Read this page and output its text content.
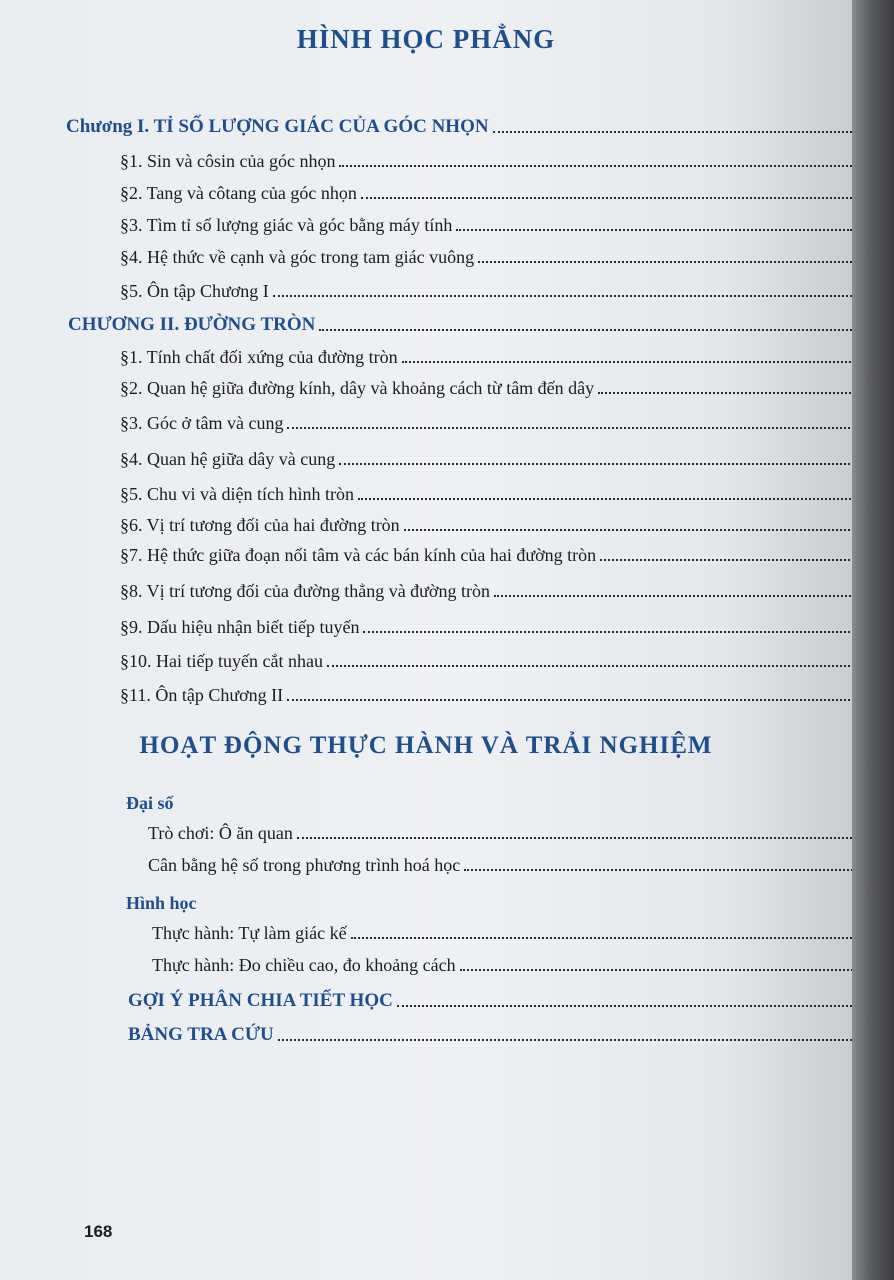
HÌNH HỌC PHẲNG
Chương I. TỈ SỐ LƯỢNG GIÁC CỦA GÓC NHỌN
§1. Sin và côsin của góc nhọn
§2. Tang và côtang của góc nhọn
§3. Tìm tỉ số lượng giác và góc bằng máy tính
§4. Hệ thức về cạnh và góc trong tam giác vuông
§5. Ôn tập Chương I
CHƯƠNG II. ĐƯỜNG TRÒN
§1. Tính chất đối xứng của đường tròn
§2. Quan hệ giữa đường kính, dây và khoảng cách từ tâm đến dây
§3. Góc ở tâm và cung
§4. Quan hệ giữa dây và cung
§5. Chu vi và diện tích hình tròn
§6. Vị trí tương đối của hai đường tròn
§7. Hệ thức giữa đoạn nối tâm và các bán kính của hai đường tròn
§8. Vị trí tương đối của đường thẳng và đường tròn
§9. Dấu hiệu nhận biết tiếp tuyến
§10. Hai tiếp tuyến cắt nhau
§11. Ôn tập Chương II
HOẠT ĐỘNG THỰC HÀNH VÀ TRẢI NGHIỆM
Đại số
Trò chơi: Ô ăn quan
Cân bằng hệ số trong phương trình hoá học
Hình học
Thực hành: Tự làm giác kế
Thực hành: Đo chiều cao, đo khoảng cách
GỢI Ý PHÂN CHIA TIẾT HỌC
BẢNG TRA CỨU
168
